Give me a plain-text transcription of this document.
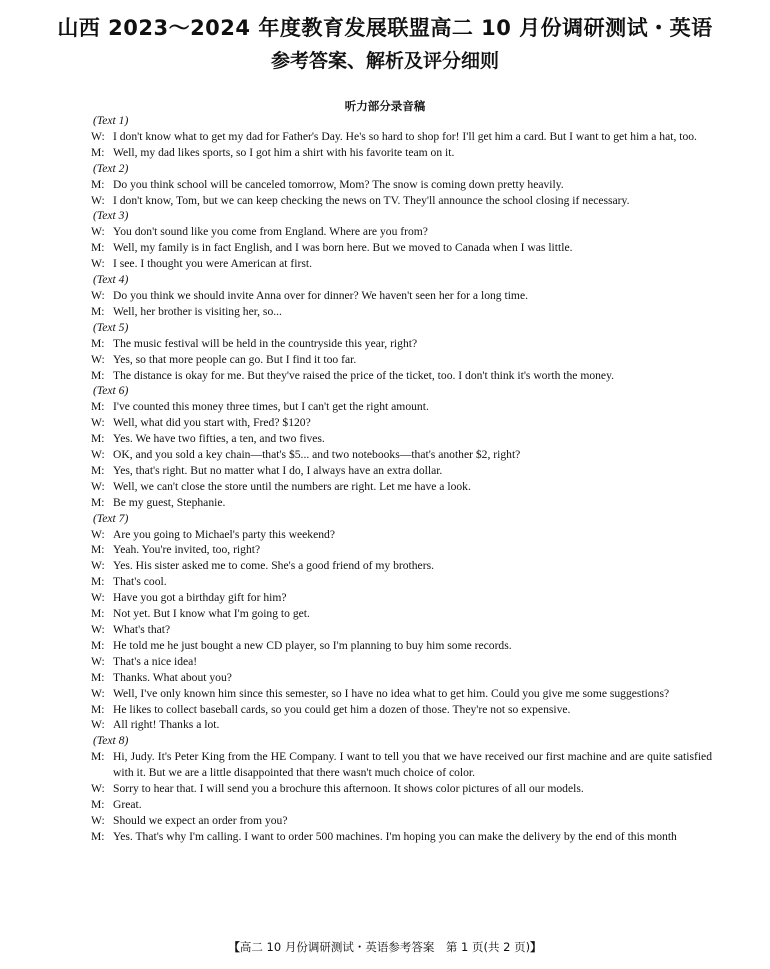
山西 2023～2024 年度教育发展联盟高二 10 月份调研测试・英语
参考答案、解析及评分细则
听力部分录音稿
(Text 1)
W: I don't know what to get my dad for Father's Day. He's so hard to shop for! I'll get him a card. But I want to get him a hat, too.
M: Well, my dad likes sports, so I got him a shirt with his favorite team on it.
(Text 2)
M: Do you think school will be canceled tomorrow, Mom? The snow is coming down pretty heavily.
W: I don't know, Tom, but we can keep checking the news on TV. They'll announce the school closing if necessary.
(Text 3)
W: You don't sound like you come from England. Where are you from?
M: Well, my family is in fact English, and I was born here. But we moved to Canada when I was little.
W: I see. I thought you were American at first.
(Text 4)
W: Do you think we should invite Anna over for dinner? We haven't seen her for a long time.
M: Well, her brother is visiting her, so...
(Text 5)
M: The music festival will be held in the countryside this year, right?
W: Yes, so that more people can go. But I find it too far.
M: The distance is okay for me. But they've raised the price of the ticket, too. I don't think it's worth the money.
(Text 6)
M: I've counted this money three times, but I can't get the right amount.
W: Well, what did you start with, Fred? $120?
M: Yes. We have two fifties, a ten, and two fives.
W: OK, and you sold a key chain—that's $5... and two notebooks—that's another $2, right?
M: Yes, that's right. But no matter what I do, I always have an extra dollar.
W: Well, we can't close the store until the numbers are right. Let me have a look.
M: Be my guest, Stephanie.
(Text 7)
W: Are you going to Michael's party this weekend?
M: Yeah. You're invited, too, right?
W: Yes. His sister asked me to come. She's a good friend of my brothers.
M: That's cool.
W: Have you got a birthday gift for him?
M: Not yet. But I know what I'm going to get.
W: What's that?
M: He told me he just bought a new CD player, so I'm planning to buy him some records.
W: That's a nice idea!
M: Thanks. What about you?
W: Well, I've only known him since this semester, so I have no idea what to get him. Could you give me some suggestions?
M: He likes to collect baseball cards, so you could get him a dozen of those. They're not so expensive.
W: All right! Thanks a lot.
(Text 8)
M: Hi, Judy. It's Peter King from the HE Company. I want to tell you that we have received our first machine and are quite satisfied with it. But we are a little disappointed that there wasn't much choice of color.
W: Sorry to hear that. I will send you a brochure this afternoon. It shows color pictures of all our models.
M: Great.
W: Should we expect an order from you?
M: Yes. That's why I'm calling. I want to order 500 machines. I'm hoping you can make the delivery by the end of this month
【高二 10 月份调研测试・英语参考答案　第 1 页(共 2 页)】
